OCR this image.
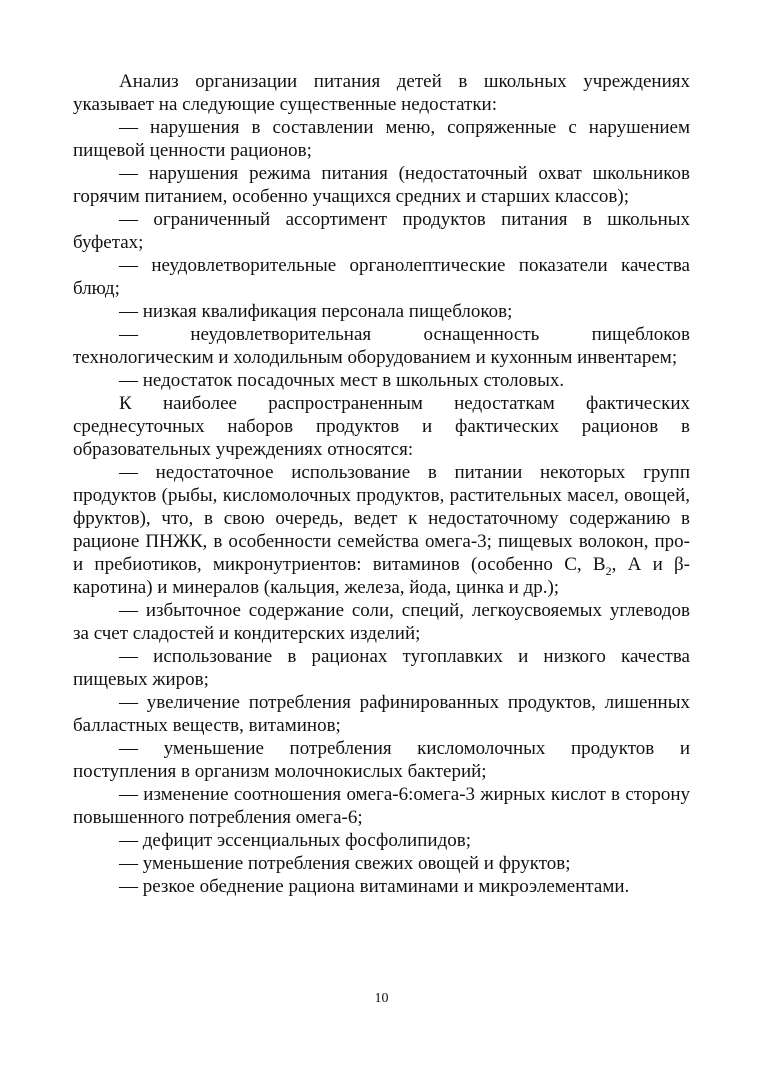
Анализ организации питания детей в школьных учреждениях указывает на следующие существенные недостатки:

— нарушения в составлении меню, сопряженные с нарушением пищевой ценности рационов;

— нарушения режима питания (недостаточный охват школьников горячим питанием, особенно учащихся средних и старших классов);

— ограниченный ассортимент продуктов питания в школьных буфетах;

— неудовлетворительные органолептические показатели качества блюд;

— низкая квалификация персонала пищеблоков;

— неудовлетворительная оснащенность пищеблоков технологическим и холодильным оборудованием и кухонным инвентарем;

— недостаток посадочных мест в школьных столовых.

К наиболее распространенным недостаткам фактических среднесуточных наборов продуктов и фактических рационов в образовательных учреждениях относятся:

— недостаточное использование в питании некоторых групп продуктов (рыбы, кисломолочных продуктов, растительных масел, овощей, фруктов), что, в свою очередь, ведет к недостаточному содержанию в рационе ПНЖК, в особенности семейства омега-3; пищевых волокон, про- и пребиотиков, микронутриентов: витаминов (особенно С, $В_2$, А и β-каротина) и минералов (кальция, железа, йода, цинка и др.);

— избыточное содержание соли, специй, легкоусвояемых углеводов за счет сладостей и кондитерских изделий;

— использование в рационах тугоплавких и низкого качества пищевых жиров;

— увеличение потребления рафинированных продуктов, лишенных балластных веществ, витаминов;

— уменьшение потребления кисломолочных продуктов и поступления в организм молочнокислых бактерий;

— изменение соотношения омега-6:омега-3 жирных кислот в сторону повышенного потребления омега-6;

— дефицит эссенциальных фосфолипидов;

— уменьшение потребления свежих овощей и фруктов;

— резкое обеднение рациона витаминами и микроэлементами.

10
